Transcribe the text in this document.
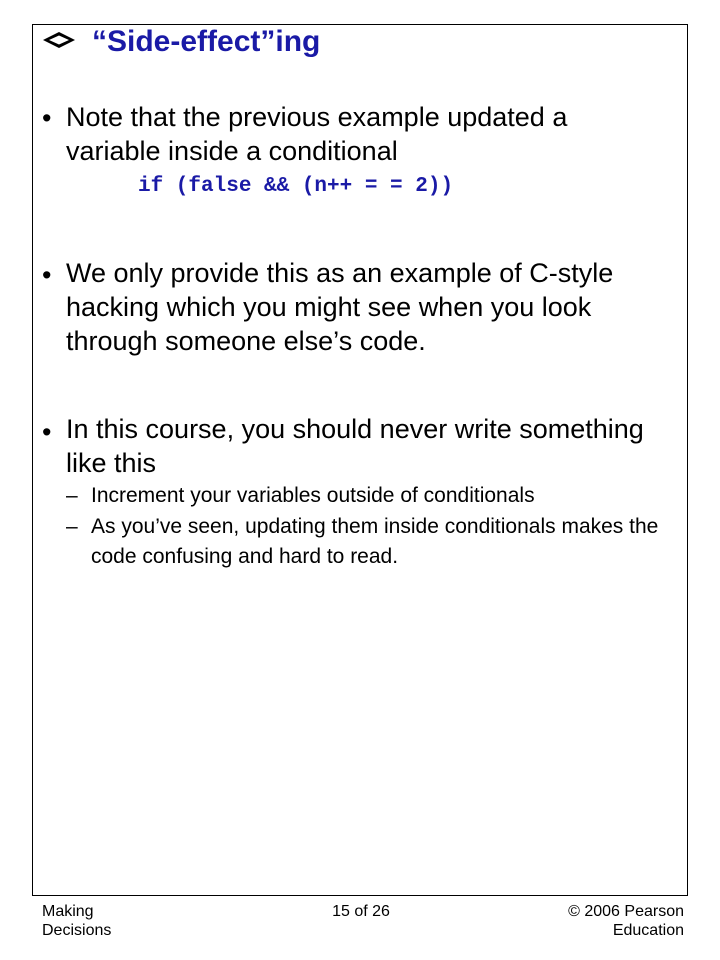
“Side-effect”ing
• Note that the previous example updated a variable inside a conditional
if (false && (n++ = = 2))
• We only provide this as an example of C-style hacking which you might see when you look through someone else’s code.
• In this course, you should never write something like this
– Increment your variables outside of conditionals
– As you’ve seen, updating them inside conditionals makes the code confusing and hard to read.
Making
Decisions
15 of 26	© 2006 Pearson
Education
